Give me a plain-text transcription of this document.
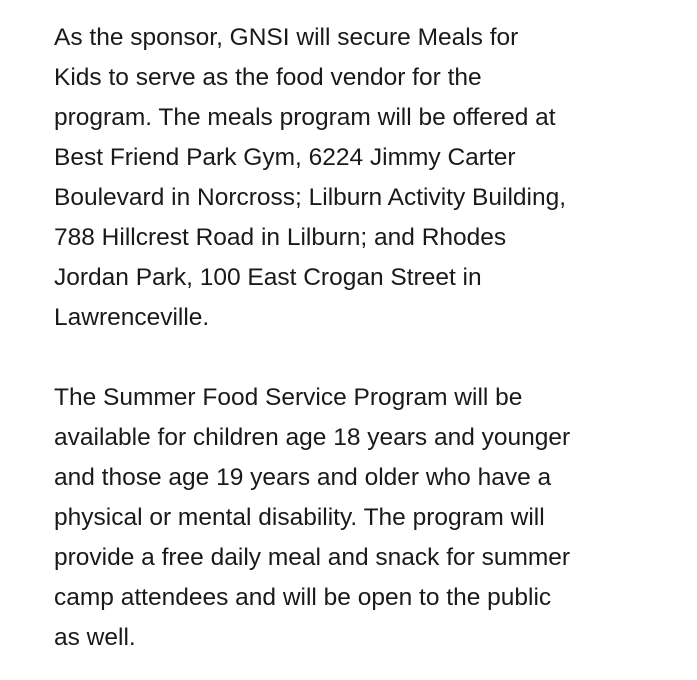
As the sponsor, GNSI will secure Meals for
Kids to serve as the food vendor for the
program. The meals program will be offered at
Best Friend Park Gym, 6224 Jimmy Carter
Boulevard in Norcross; Lilburn Activity Building,
788 Hillcrest Road in Lilburn; and Rhodes
Jordan Park, 100 East Crogan Street in
Lawrenceville.
The Summer Food Service Program will be
available for children age 18 years and younger
and those age 19 years and older who have a
physical or mental disability. The program will
provide a free daily meal and snack for summer
camp attendees and will be open to the public
as well.
